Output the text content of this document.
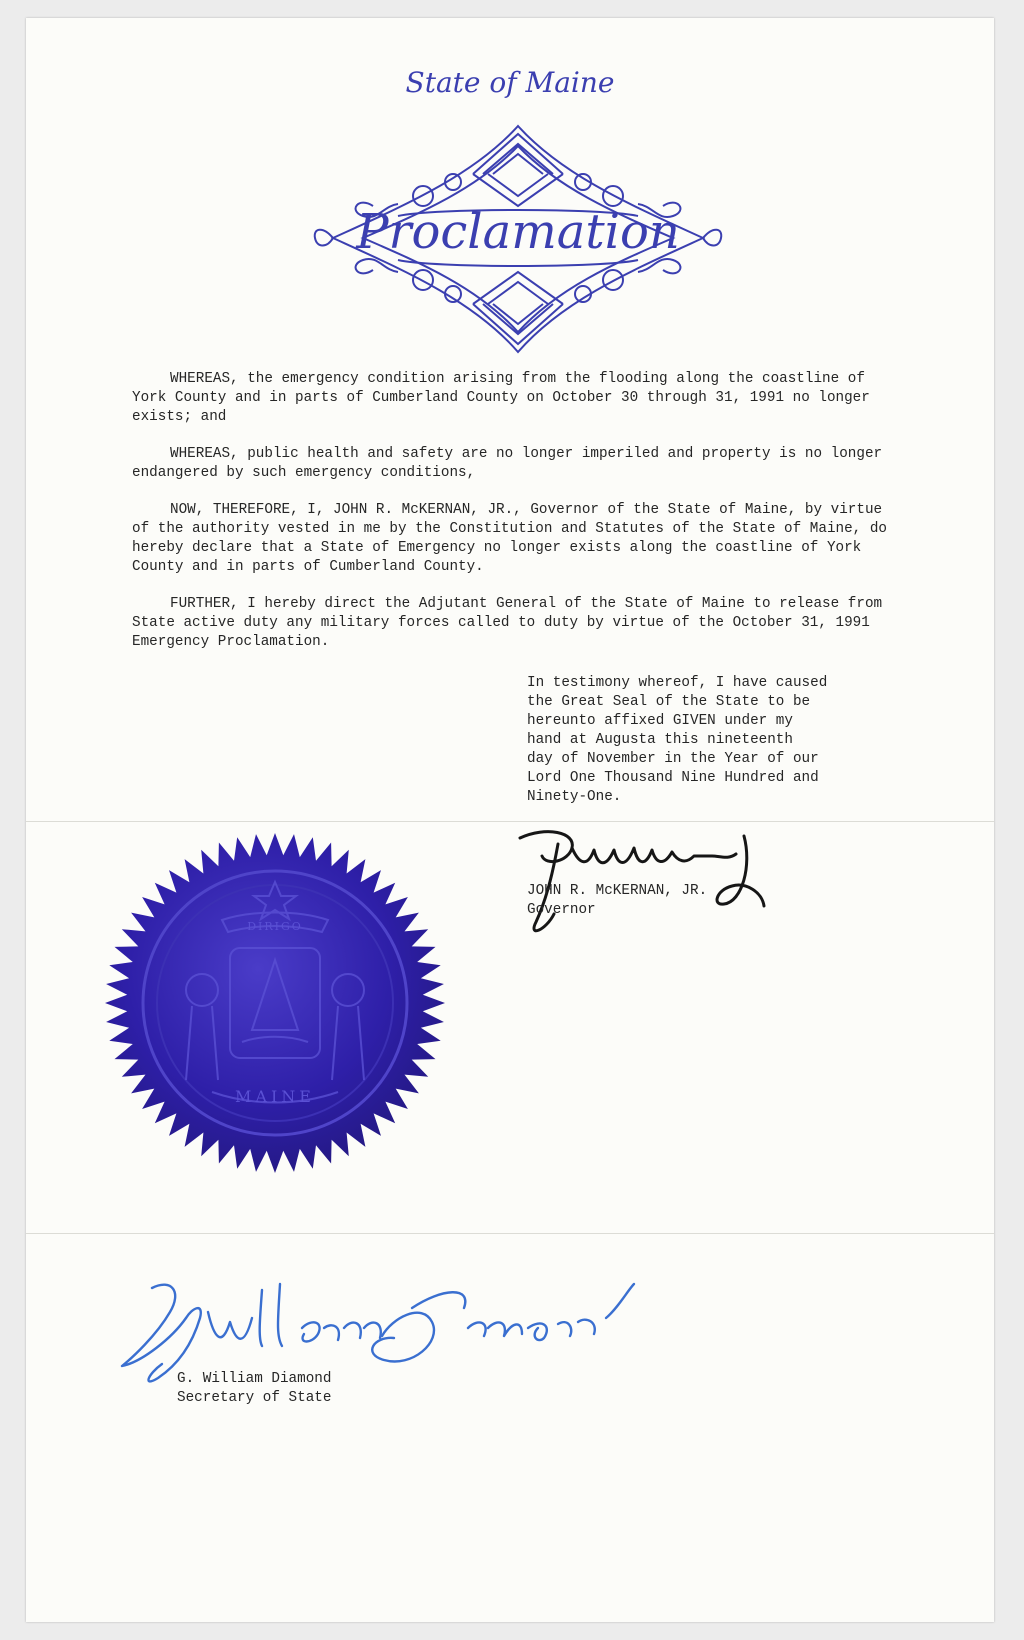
State of Maine
Proclamation

WHEREAS, the emergency condition arising from the flooding along the coastline of York County and in parts of Cumberland County on October 30 through 31, 1991 no longer exists; and

WHEREAS, public health and safety are no longer imperiled and property is no longer endangered by such emergency conditions,

NOW, THEREFORE, I, JOHN R. McKERNAN, JR., Governor of the State of Maine, by virtue of the authority vested in me by the Constitution and Statutes of the State of Maine, do hereby declare that a State of Emergency no longer exists along the coastline of York County and in parts of Cumberland County.

FURTHER, I hereby direct the Adjutant General of the State of Maine to release from State active duty any military forces called to duty by virtue of the October 31, 1991 Emergency Proclamation.

In testimony whereof, I have caused
the Great Seal of the State to be
hereunto affixed GIVEN under my
hand at Augusta this nineteenth
day of November in the Year of our
Lord One Thousand Nine Hundred and
Ninety-One.
MAINE
DIRIGO
JOHN R. McKERNAN, JR.
Governor
G. William Diamond
Secretary of State
